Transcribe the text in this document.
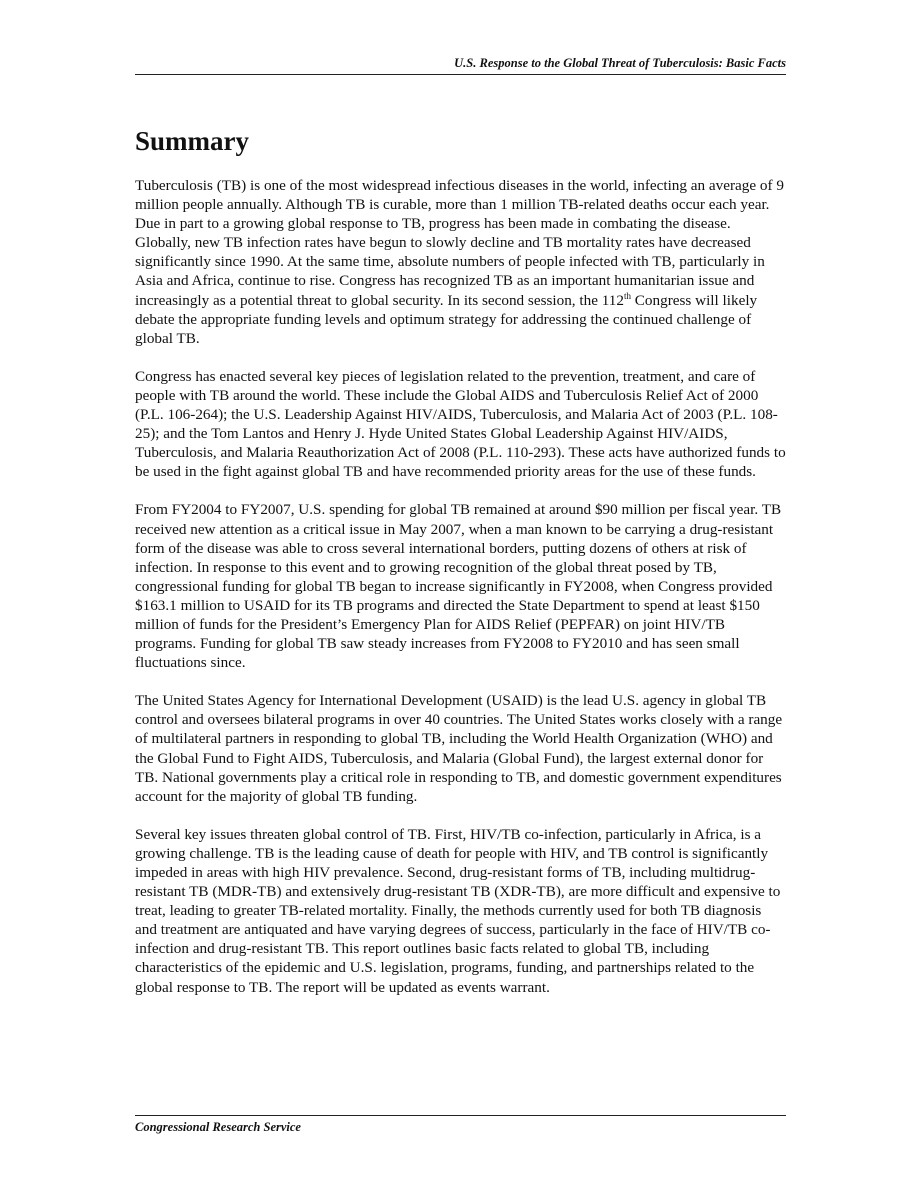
U.S. Response to the Global Threat of Tuberculosis: Basic Facts
Summary

Tuberculosis (TB) is one of the most widespread infectious diseases in the world, infecting an average of 9 million people annually. Although TB is curable, more than 1 million TB-related deaths occur each year. Due in part to a growing global response to TB, progress has been made in combating the disease. Globally, new TB infection rates have begun to slowly decline and TB mortality rates have decreased significantly since 1990. At the same time, absolute numbers of people infected with TB, particularly in Asia and Africa, continue to rise. Congress has recognized TB as an important humanitarian issue and increasingly as a potential threat to global security. In its second session, the 112th Congress will likely debate the appropriate funding levels and optimum strategy for addressing the continued challenge of global TB.

Congress has enacted several key pieces of legislation related to the prevention, treatment, and care of people with TB around the world. These include the Global AIDS and Tuberculosis Relief Act of 2000 (P.L. 106-264); the U.S. Leadership Against HIV/AIDS, Tuberculosis, and Malaria Act of 2003 (P.L. 108-25); and the Tom Lantos and Henry J. Hyde United States Global Leadership Against HIV/AIDS, Tuberculosis, and Malaria Reauthorization Act of 2008 (P.L. 110-293). These acts have authorized funds to be used in the fight against global TB and have recommended priority areas for the use of these funds.

From FY2004 to FY2007, U.S. spending for global TB remained at around $90 million per fiscal year. TB received new attention as a critical issue in May 2007, when a man known to be carrying a drug-resistant form of the disease was able to cross several international borders, putting dozens of others at risk of infection. In response to this event and to growing recognition of the global threat posed by TB, congressional funding for global TB began to increase significantly in FY2008, when Congress provided $163.1 million to USAID for its TB programs and directed the State Department to spend at least $150 million of funds for the President’s Emergency Plan for AIDS Relief (PEPFAR) on joint HIV/TB programs. Funding for global TB saw steady increases from FY2008 to FY2010 and has seen small fluctuations since.

The United States Agency for International Development (USAID) is the lead U.S. agency in global TB control and oversees bilateral programs in over 40 countries. The United States works closely with a range of multilateral partners in responding to global TB, including the World Health Organization (WHO) and the Global Fund to Fight AIDS, Tuberculosis, and Malaria (Global Fund), the largest external donor for TB. National governments play a critical role in responding to TB, and domestic government expenditures account for the majority of global TB funding.

Several key issues threaten global control of TB. First, HIV/TB co-infection, particularly in Africa, is a growing challenge. TB is the leading cause of death for people with HIV, and TB control is significantly impeded in areas with high HIV prevalence. Second, drug-resistant forms of TB, including multidrug-resistant TB (MDR-TB) and extensively drug-resistant TB (XDR-TB), are more difficult and expensive to treat, leading to greater TB-related mortality. Finally, the methods currently used for both TB diagnosis and treatment are antiquated and have varying degrees of success, particularly in the face of HIV/TB co-infection and drug-resistant TB. This report outlines basic facts related to global TB, including characteristics of the epidemic and U.S. legislation, programs, funding, and partnerships related to the global response to TB. The report will be updated as events warrant.

Congressional Research Service
